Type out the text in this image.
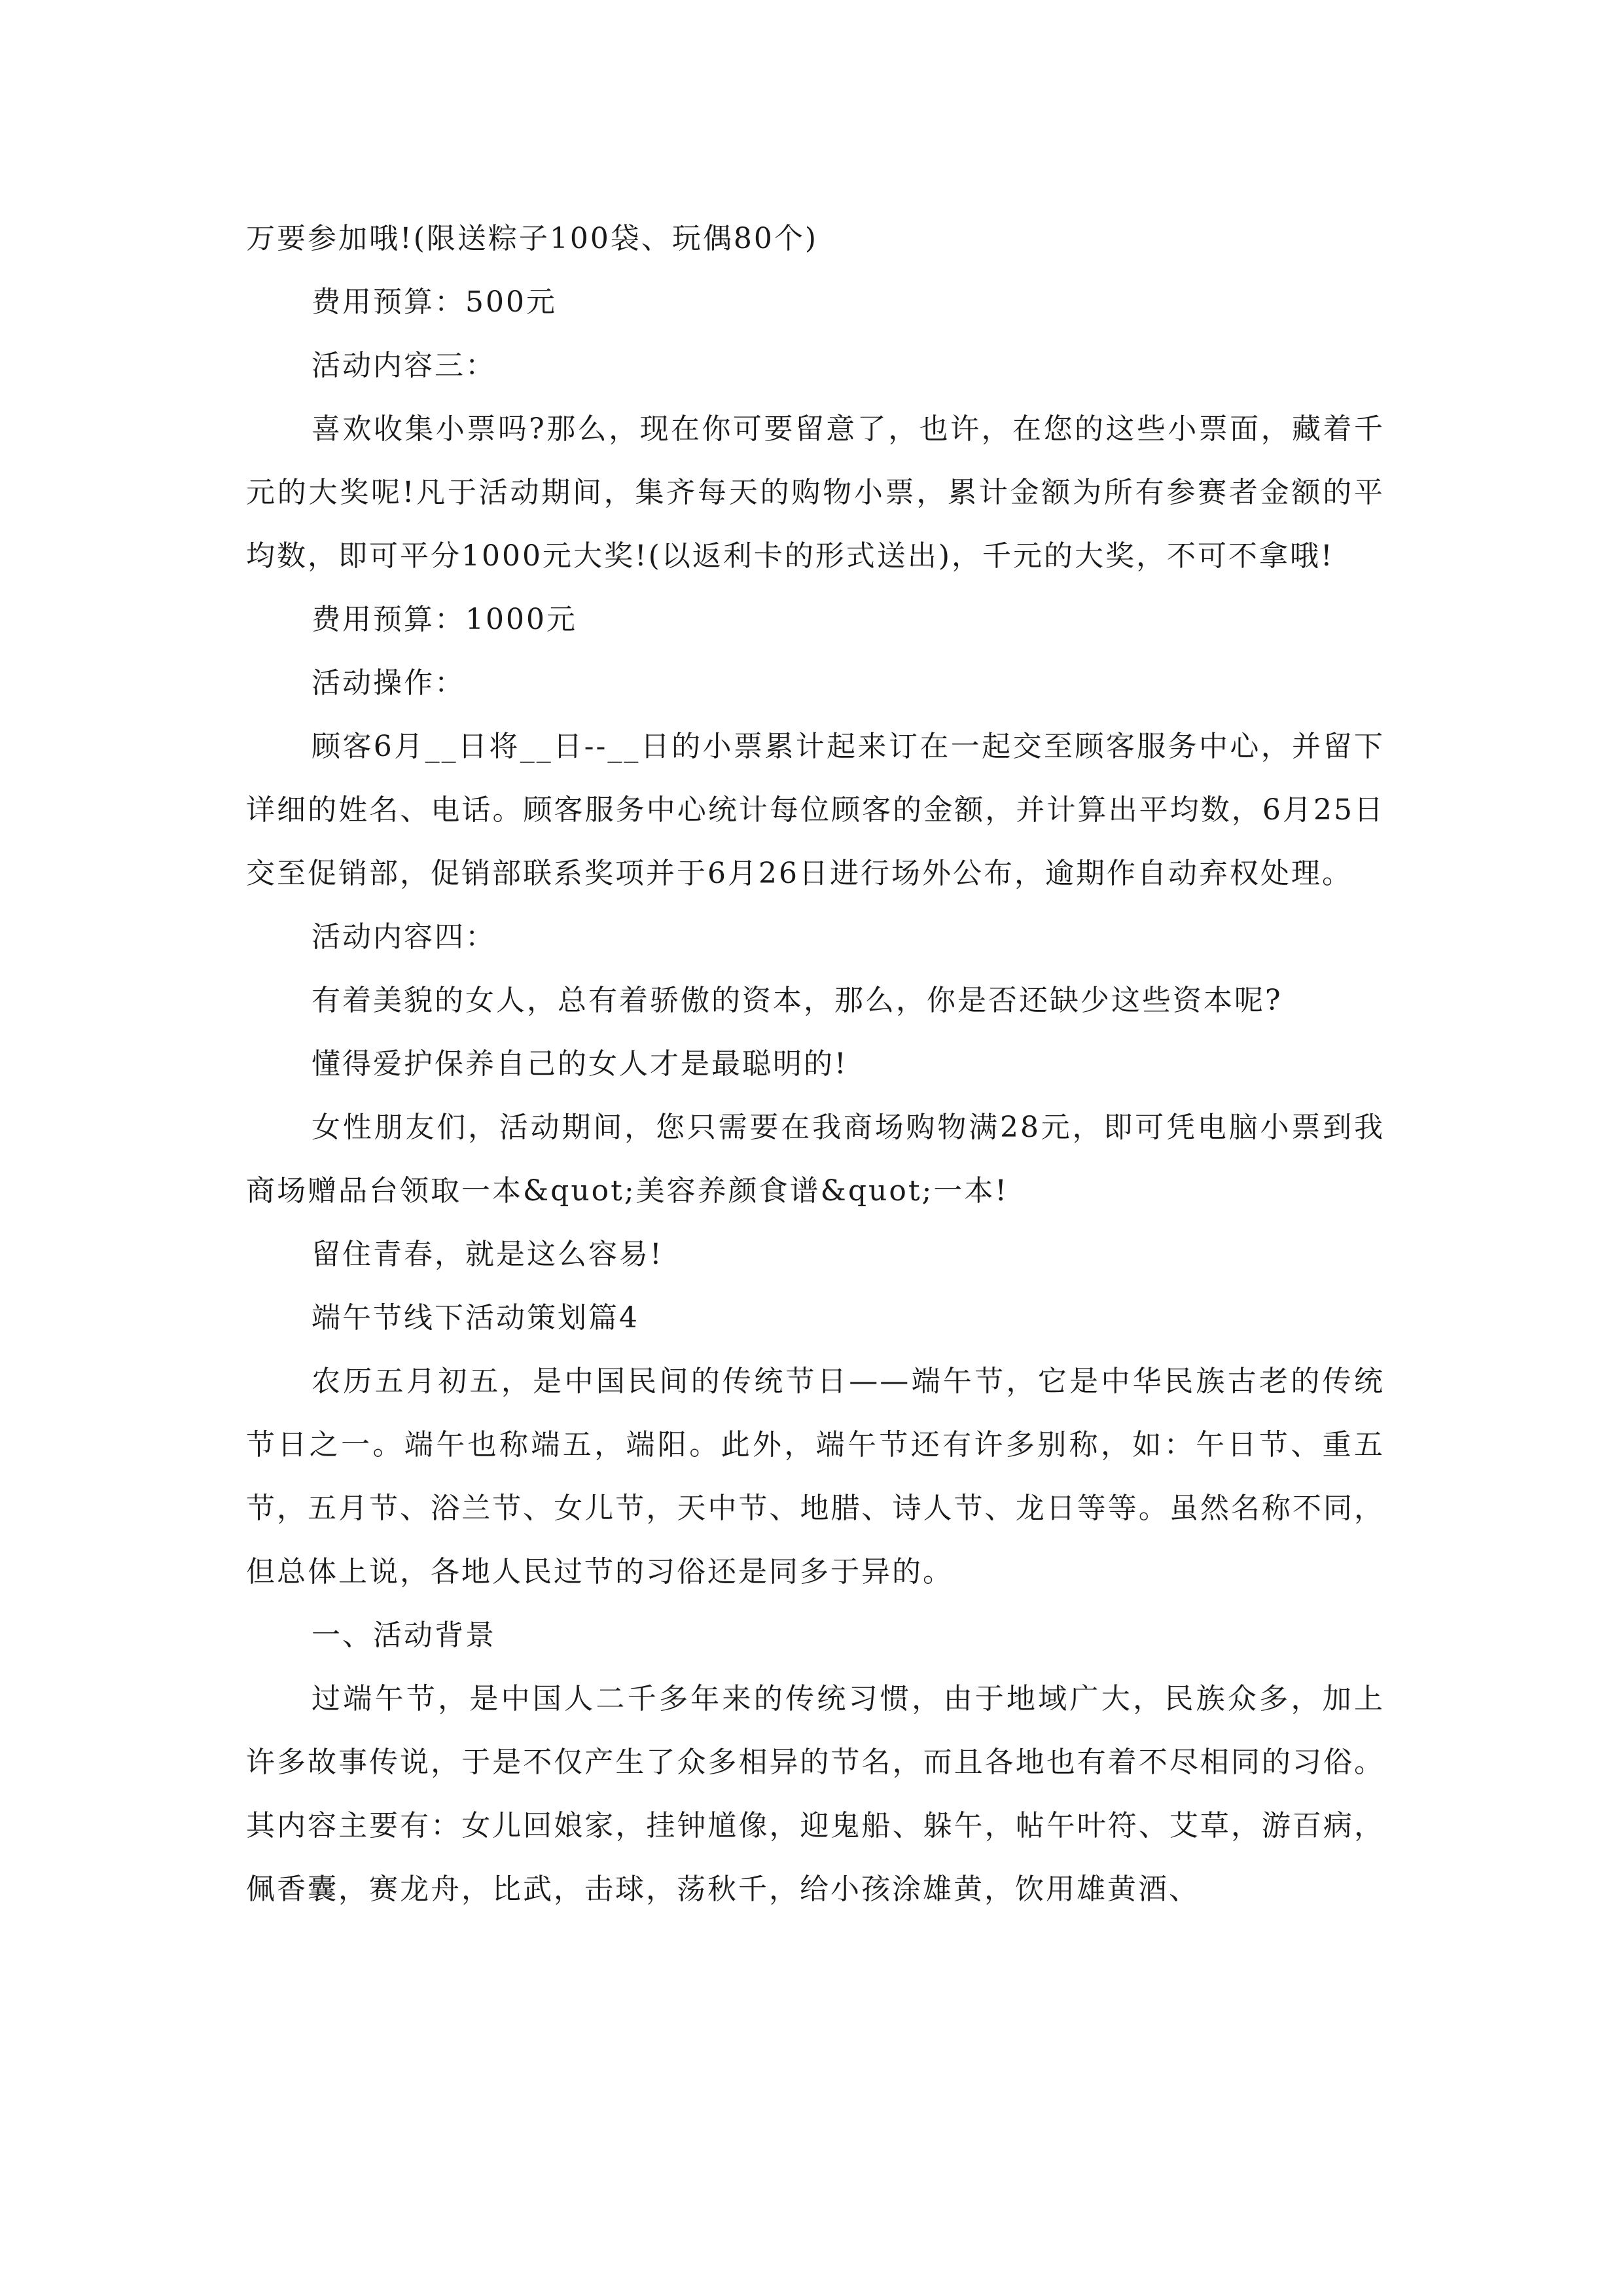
万要参加哦!(限送粽子100袋、玩偶80个)

费用预算：500元

活动内容三：

喜欢收集小票吗?那么，现在你可要留意了，也许，在您的这些小票面，藏着千元的大奖呢!凡于活动期间，集齐每天的购物小票，累计金额为所有参赛者金额的平均数，即可平分1000元大奖!(以返利卡的形式送出)，千元的大奖，不可不拿哦!

费用预算：1000元

活动操作：

顾客6月__日将__日--__日的小票累计起来订在一起交至顾客服务中心，并留下详细的姓名、电话。顾客服务中心统计每位顾客的金额，并计算出平均数，6月25日交至促销部，促销部联系奖项并于6月26日进行场外公布，逾期作自动弃权处理。

活动内容四：

有着美貌的女人，总有着骄傲的资本，那么，你是否还缺少这些资本呢?

懂得爱护保养自己的女人才是最聪明的!

女性朋友们，活动期间，您只需要在我商场购物满28元，即可凭电脑小票到我商场赠品台领取一本&quot;美容养颜食谱&quot;一本!

留住青春，就是这么容易!

端午节线下活动策划篇4

农历五月初五，是中国民间的传统节日——端午节，它是中华民族古老的传统节日之一。端午也称端五，端阳。此外，端午节还有许多别称，如：午日节、重五节，五月节、浴兰节、女儿节，天中节、地腊、诗人节、龙日等等。虽然名称不同，但总体上说，各地人民过节的习俗还是同多于异的。

一、活动背景

过端午节，是中国人二千多年来的传统习惯，由于地域广大，民族众多，加上许多故事传说，于是不仅产生了众多相异的节名，而且各地也有着不尽相同的习俗。其内容主要有：女儿回娘家，挂钟馗像，迎鬼船、躲午，帖午叶符、艾草，游百病，佩香囊，赛龙舟，比武，击球，荡秋千，给小孩涂雄黄，饮用雄黄酒、
